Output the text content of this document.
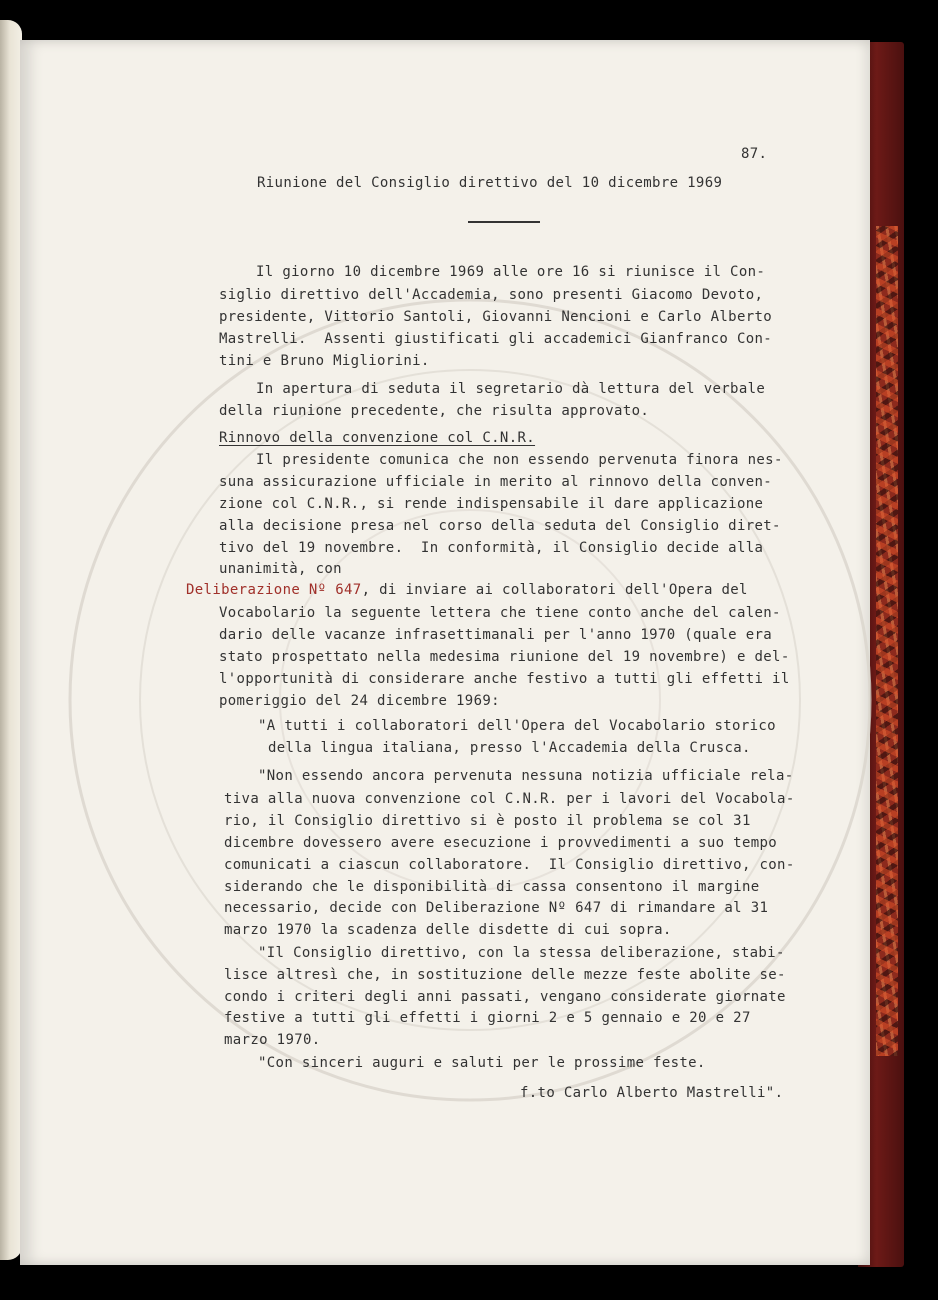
87.

Riunione del Consiglio direttivo del 10 dicembre 1969

Il giorno 10 dicembre 1969 alle ore 16 si riunisce il Con-

siglio direttivo dell'Accademia, sono presenti Giacomo Devoto,

presidente, Vittorio Santoli, Giovanni Nencioni e Carlo Alberto

Mastrelli.  Assenti giustificati gli accademici Gianfranco Con-

tini e Bruno Migliorini.

In apertura di seduta il segretario dà lettura del verbale

della riunione precedente, che risulta approvato.

Rinnovo della convenzione col C.N.R.

Il presidente comunica che non essendo pervenuta finora nes-

suna assicurazione ufficiale in merito al rinnovo della conven-

zione col C.N.R., si rende indispensabile il dare applicazione

alla decisione presa nel corso della seduta del Consiglio diret-

tivo del 19 novembre.  In conformità, il Consiglio decide alla

unanimità, con

Deliberazione Nº 647, di inviare ai collaboratori dell'Opera del

Vocabolario la seguente lettera che tiene conto anche del calen-

dario delle vacanze infrasettimanali per l'anno 1970 (quale era

stato prospettato nella medesima riunione del 19 novembre) e del-

l'opportunità di considerare anche festivo a tutti gli effetti il

pomeriggio del 24 dicembre 1969:

"A tutti i collaboratori dell'Opera del Vocabolario storico

della lingua italiana, presso l'Accademia della Crusca.

"Non essendo ancora pervenuta nessuna notizia ufficiale rela-

tiva alla nuova convenzione col C.N.R. per i lavori del Vocabola-

rio, il Consiglio direttivo si è posto il problema se col 31

dicembre dovessero avere esecuzione i provvedimenti a suo tempo

comunicati a ciascun collaboratore.  Il Consiglio direttivo, con-

siderando che le disponibilità di cassa consentono il margine

necessario, decide con Deliberazione Nº 647 di rimandare al 31

marzo 1970 la scadenza delle disdette di cui sopra.

"Il Consiglio direttivo, con la stessa deliberazione, stabi-

lisce altresì che, in sostituzione delle mezze feste abolite se-

condo i criteri degli anni passati, vengano considerate giornate

festive a tutti gli effetti i giorni 2 e 5 gennaio e 20 e 27

marzo 1970.

"Con sinceri auguri e saluti per le prossime feste.

f.to Carlo Alberto Mastrelli".
